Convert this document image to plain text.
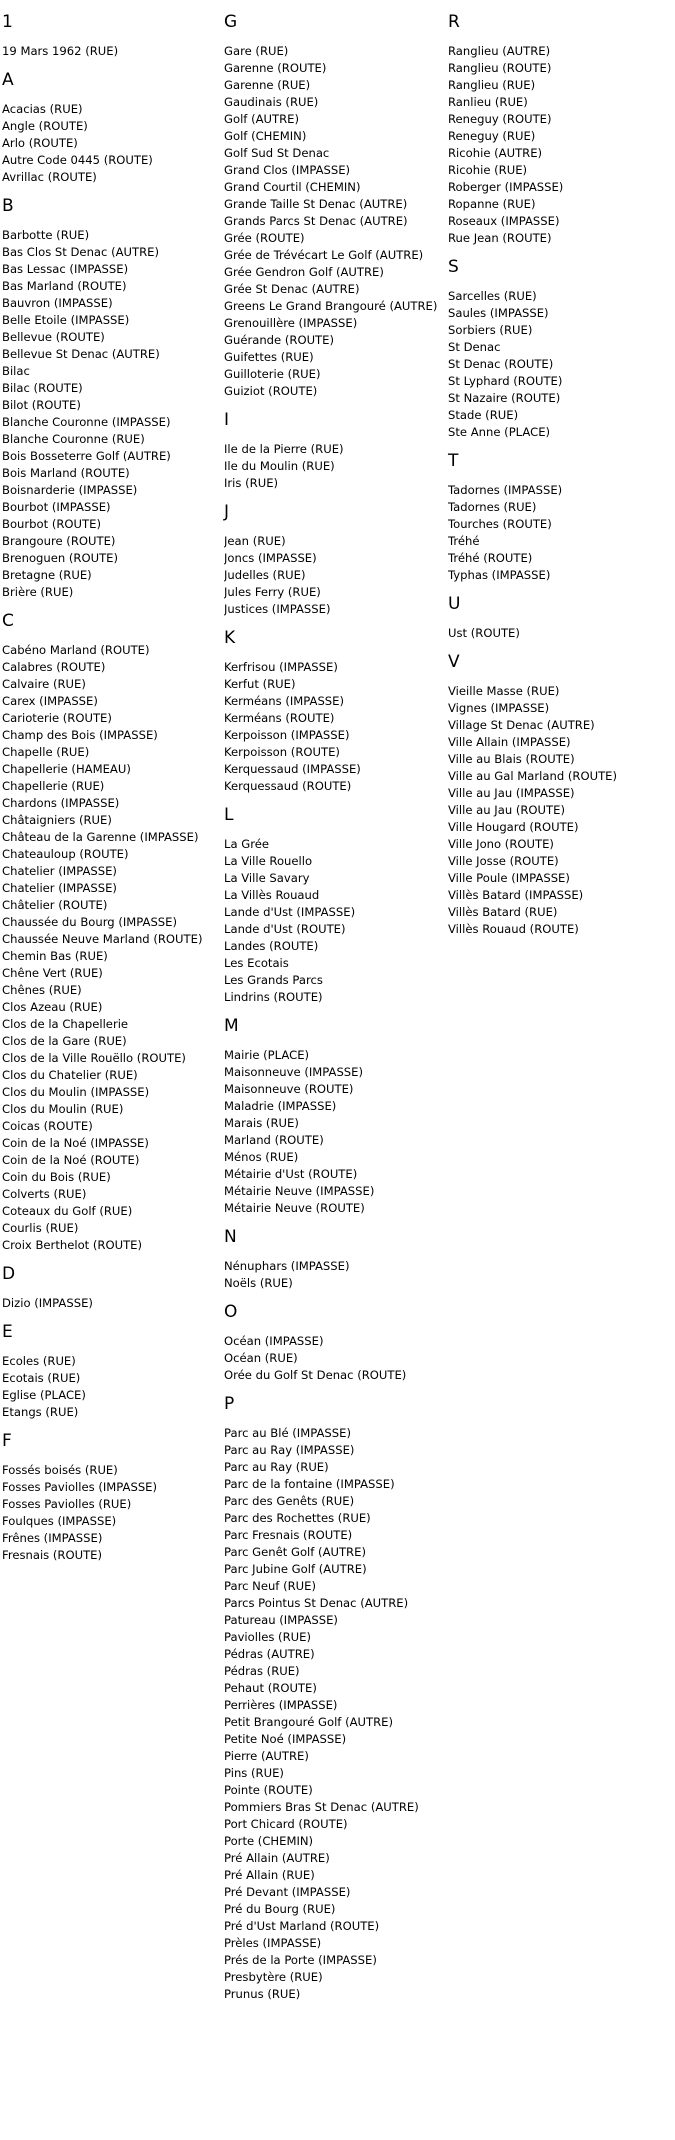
1
19 Mars 1962 (RUE)
A
Acacias (RUE)
Angle (ROUTE)
Arlo (ROUTE)
Autre Code 0445 (ROUTE)
Avrillac (ROUTE)
B
Barbotte (RUE)
Bas Clos St Denac (AUTRE)
Bas Lessac (IMPASSE)
Bas Marland (ROUTE)
Bauvron (IMPASSE)
Belle Etoile (IMPASSE)
Bellevue (ROUTE)
Bellevue St Denac (AUTRE)
Bilac
Bilac (ROUTE)
Bilot (ROUTE)
Blanche Couronne (IMPASSE)
Blanche Couronne (RUE)
Bois Bosseterre Golf (AUTRE)
Bois Marland (ROUTE)
Boisnarderie (IMPASSE)
Bourbot (IMPASSE)
Bourbot (ROUTE)
Brangoure (ROUTE)
Brenoguen (ROUTE)
Bretagne (RUE)
Brière (RUE)
C
Cabéno Marland (ROUTE)
Calabres (ROUTE)
Calvaire (RUE)
Carex (IMPASSE)
Carioterie (ROUTE)
Champ des Bois (IMPASSE)
Chapelle (RUE)
Chapellerie (HAMEAU)
Chapellerie (RUE)
Chardons (IMPASSE)
Châtaigniers (RUE)
Château de la Garenne (IMPASSE)
Chateauloup (ROUTE)
Chatelier (IMPASSE)
Chatelier (IMPASSE)
Châtelier (ROUTE)
Chaussée du Bourg (IMPASSE)
Chaussée Neuve Marland (ROUTE)
Chemin Bas (RUE)
Chêne Vert (RUE)
Chênes (RUE)
Clos Azeau (RUE)
Clos de la Chapellerie
Clos de la Gare (RUE)
Clos de la Ville Rouëllo (ROUTE)
Clos du Chatelier (RUE)
Clos du Moulin (IMPASSE)
Clos du Moulin (RUE)
Coicas (ROUTE)
Coin de la Noé (IMPASSE)
Coin de la Noé (ROUTE)
Coin du Bois (RUE)
Colverts (RUE)
Coteaux du Golf (RUE)
Courlis (RUE)
Croix Berthelot (ROUTE)
D
Dizio (IMPASSE)
E
Ecoles (RUE)
Ecotais (RUE)
Eglise (PLACE)
Etangs (RUE)
F
Fossés boisés (RUE)
Fosses Paviolles (IMPASSE)
Fosses Paviolles (RUE)
Foulques (IMPASSE)
Frênes (IMPASSE)
Fresnais (ROUTE)
G
Gare (RUE)
Garenne (ROUTE)
Garenne (RUE)
Gaudinais (RUE)
Golf (AUTRE)
Golf (CHEMIN)
Golf Sud St Denac
Grand Clos (IMPASSE)
Grand Courtil (CHEMIN)
Grande Taille St Denac (AUTRE)
Grands Parcs St Denac (AUTRE)
Grée (ROUTE)
Grée de Trévécart Le Golf (AUTRE)
Grée Gendron Golf (AUTRE)
Grée St Denac (AUTRE)
Greens Le Grand Brangouré (AUTRE)
Grenouillère (IMPASSE)
Guérande (ROUTE)
Guifettes (RUE)
Guilloterie (RUE)
Guiziot (ROUTE)
I
Ile de la Pierre (RUE)
Ile du Moulin (RUE)
Iris (RUE)
J
Jean (RUE)
Joncs (IMPASSE)
Judelles (RUE)
Jules Ferry (RUE)
Justices (IMPASSE)
K
Kerfrisou (IMPASSE)
Kerfut (RUE)
Kerméans (IMPASSE)
Kerméans (ROUTE)
Kerpoisson (IMPASSE)
Kerpoisson (ROUTE)
Kerquessaud (IMPASSE)
Kerquessaud (ROUTE)
L
La Grée
La Ville Rouello
La Ville Savary
La Villès Rouaud
Lande d'Ust (IMPASSE)
Lande d'Ust (ROUTE)
Landes (ROUTE)
Les Ecotais
Les Grands Parcs
Lindrins (ROUTE)
M
Mairie (PLACE)
Maisonneuve (IMPASSE)
Maisonneuve (ROUTE)
Maladrie (IMPASSE)
Marais (RUE)
Marland (ROUTE)
Ménos (RUE)
Métairie d'Ust (ROUTE)
Métairie Neuve (IMPASSE)
Métairie Neuve (ROUTE)
N
Nénuphars (IMPASSE)
Noëls (RUE)
O
Océan (IMPASSE)
Océan (RUE)
Orée du Golf St Denac (ROUTE)
P
Parc au Blé (IMPASSE)
Parc au Ray (IMPASSE)
Parc au Ray (RUE)
Parc de la fontaine (IMPASSE)
Parc des Genêts (RUE)
Parc des Rochettes (RUE)
Parc Fresnais (ROUTE)
Parc Genêt Golf (AUTRE)
Parc Jubine Golf (AUTRE)
Parc Neuf (RUE)
Parcs Pointus St Denac (AUTRE)
Patureau (IMPASSE)
Paviolles (RUE)
Pédras (AUTRE)
Pédras (RUE)
Pehaut (ROUTE)
Perrières (IMPASSE)
Petit Brangouré Golf (AUTRE)
Petite Noé (IMPASSE)
Pierre (AUTRE)
Pins (RUE)
Pointe (ROUTE)
Pommiers Bras St Denac (AUTRE)
Port Chicard (ROUTE)
Porte (CHEMIN)
Pré Allain (AUTRE)
Pré Allain (RUE)
Pré Devant (IMPASSE)
Pré du Bourg (RUE)
Pré d'Ust Marland (ROUTE)
Prèles (IMPASSE)
Prés de la Porte (IMPASSE)
Presbytère (RUE)
Prunus (RUE)
R
Ranglieu (AUTRE)
Ranglieu (ROUTE)
Ranglieu (RUE)
Ranlieu (RUE)
Reneguy (ROUTE)
Reneguy (RUE)
Ricohie (AUTRE)
Ricohie (RUE)
Roberger (IMPASSE)
Ropanne (RUE)
Roseaux (IMPASSE)
Rue Jean (ROUTE)
S
Sarcelles (RUE)
Saules (IMPASSE)
Sorbiers (RUE)
St Denac
St Denac (ROUTE)
St Lyphard (ROUTE)
St Nazaire (ROUTE)
Stade (RUE)
Ste Anne (PLACE)
T
Tadornes (IMPASSE)
Tadornes (RUE)
Tourches (ROUTE)
Tréhé
Tréhé (ROUTE)
Typhas (IMPASSE)
U
Ust (ROUTE)
V
Vieille Masse (RUE)
Vignes (IMPASSE)
Village St Denac (AUTRE)
Ville Allain (IMPASSE)
Ville au Blais (ROUTE)
Ville au Gal Marland (ROUTE)
Ville au Jau (IMPASSE)
Ville au Jau (ROUTE)
Ville Hougard (ROUTE)
Ville Jono (ROUTE)
Ville Josse (ROUTE)
Ville Poule (IMPASSE)
Villès Batard (IMPASSE)
Villès Batard (RUE)
Villès Rouaud (ROUTE)
